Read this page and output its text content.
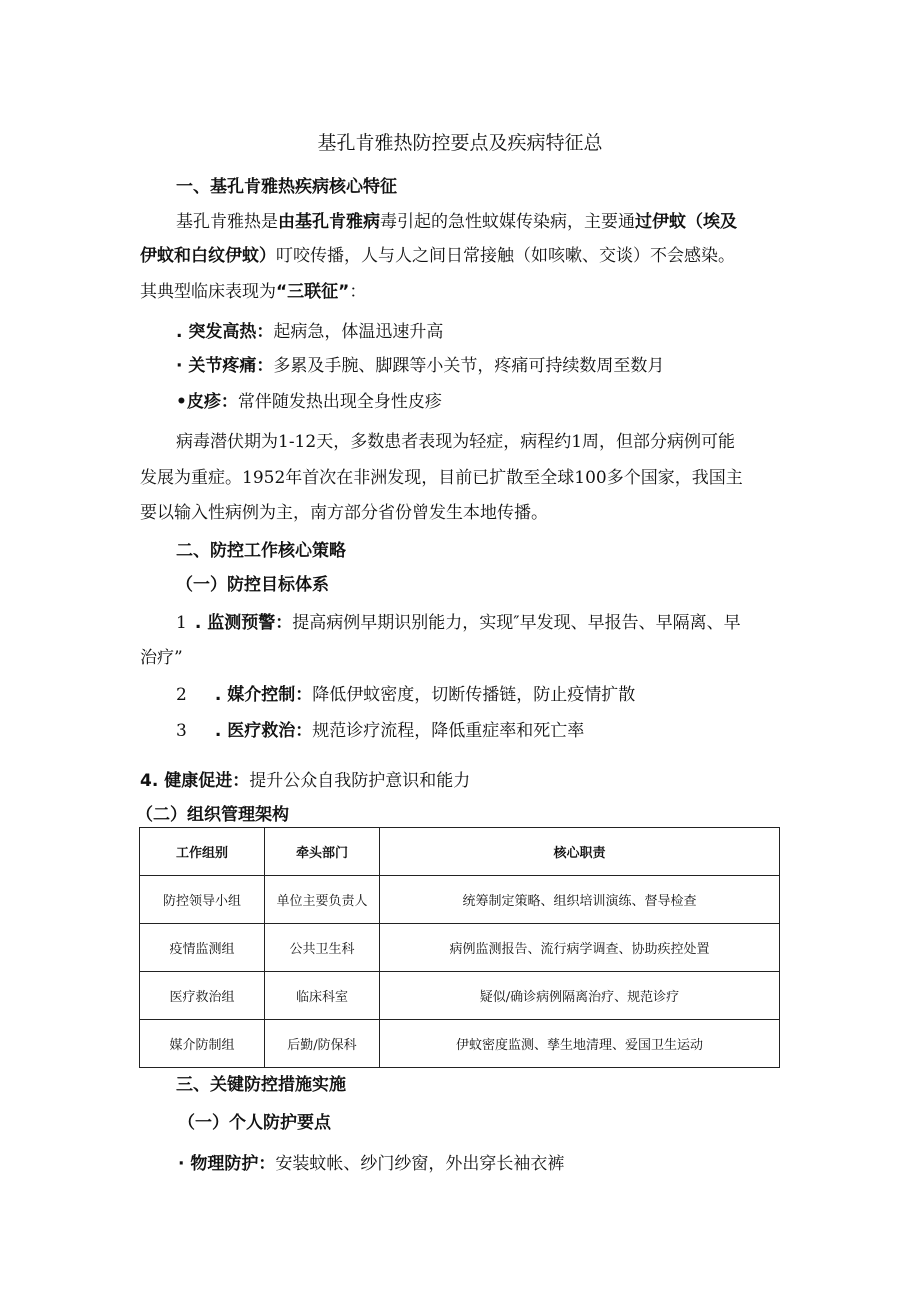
基孔肯雅热防控要点及疾病特征总
一、基孔肯雅热疾病核心特征
基孔肯雅热是由基孔肯雅病毒引起的急性蚊媒传染病，主要通过伊蚊（埃及
伊蚊和白纹伊蚊）叮咬传播，人与人之间日常接触（如咳嗽、交谈）不会感染。
其典型临床表现为“三联征”：
. 突发高热：起病急，体温迅速升高
· 关节疼痛：多累及手腕、脚踝等小关节，疼痛可持续数周至数月
•皮疹：常伴随发热出现全身性皮疹
病毒潜伏期为1-12天，多数患者表现为轻症，病程约1周，但部分病例可能
发展为重症。1952年首次在非洲发现，目前已扩散至全球100多个国家，我国主
要以输入性病例为主，南方部分省份曾发生本地传播。
二、防控工作核心策略
（一）防控目标体系
1 . 监测预警：提高病例早期识别能力，实现″早发现、早报告、早隔离、早
治疗”
2 . 媒介控制：降低伊蚊密度，切断传播链，防止疫情扩散
3 . 医疗救治：规范诊疗流程，降低重症率和死亡率
4. 健康促进：提升公众自我防护意识和能力
（二）组织管理架构
工作组别	牵头部门	核心职责
防控领导小组	单位主要负责人	统筹制定策略、组织培训演练、督导检查
疫情监测组	公共卫生科	病例监测报告、流行病学调查、协助疾控处置
医疗救治组	临床科室	疑似/确诊病例隔离治疗、规范诊疗
媒介防制组	后勤/防保科	伊蚊密度监测、孳生地清理、爱国卫生运动
三、关键防控措施实施
（一）个人防护要点
· 物理防护：安装蚊帐、纱门纱窗，外出穿长袖衣裤
